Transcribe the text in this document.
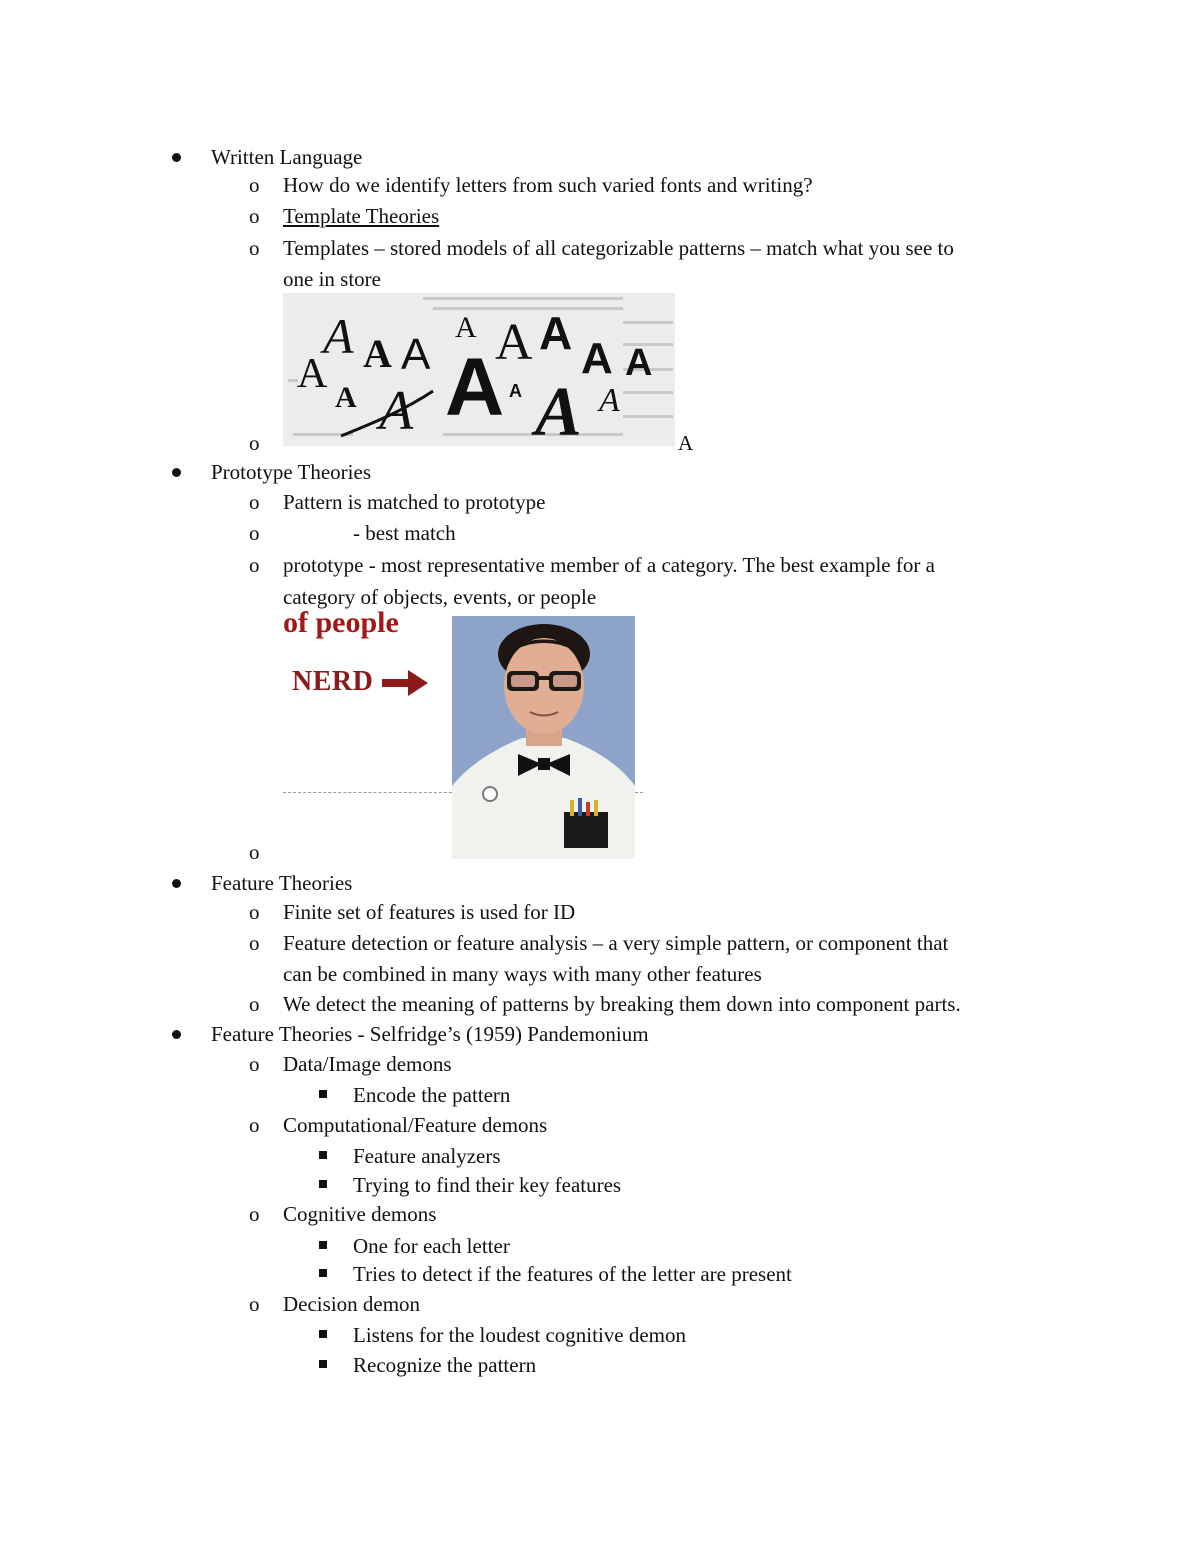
Written Language
o How do we identify letters from such varied fonts and writing?
o Template Theories
o Templates – stored models of all categorizable patterns – match what you see to
one in store
A A A
A
A
A A A A
A
A	A A A
A
o	A
Prototype Theories
o Pattern is matched to prototype
o	- best match
o prototype - most representative member of a category. The best example for a
of people
category of objects, events, or people
NERD
o
Feature Theories
o Finite set of features is used for ID
o Feature detection or feature analysis – a very simple pattern, or component that
can be combined in many ways with many other features
o We detect the meaning of patterns by breaking them down into component parts.
Feature Theories - Selfridge’s (1959) Pandemonium
o Data/Image demons
Encode the pattern
o Computational/Feature demons
Feature analyzers
Trying to find their key features
o Cognitive demons
One for each letter
Tries to detect if the features of the letter are present
o Decision demon
Listens for the loudest cognitive demon
Recognize the pattern
